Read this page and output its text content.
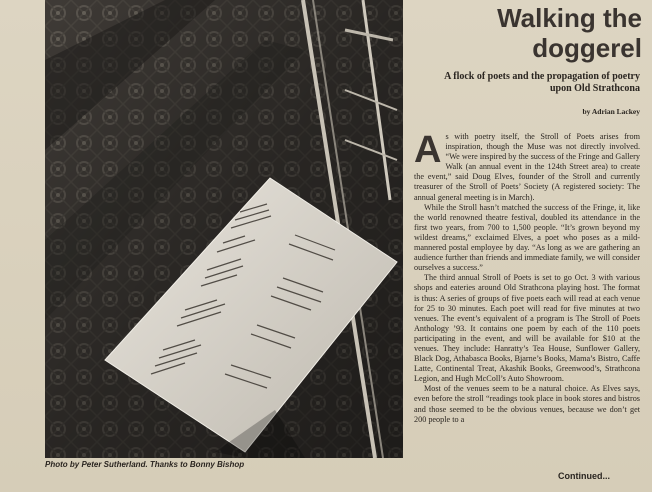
Photo by Peter Sutherland. Thanks to Bonny Bishop
Walking the
doggerel
A flock of poets and the propagation of poetry upon Old Strathcona
by Adrian Lackey

As with poetry itself, the Stroll of Poets arises from inspiration, though the Muse was not directly involved. “We were inspired by the success of the Fringe and Gallery Walk (an annual event in the 124th Street area) to create the event,” said Doug Elves, founder of the Stroll and currently treasurer of the Stroll of Poets’ Society (A registered society: The annual general meeting is in March).

While the Stroll hasn’t matched the success of the Fringe, it, like the world renowned theatre festival, doubled its attendance in the first two years, from 700 to 1,500 people. “It’s grown beyond my wildest dreams,” exclaimed Elves, a poet who poses as a mild-mannered postal employee by day. “As long as we are gathering an audience further than friends and immediate family, we will consider ourselves a success.”

The third annual Stroll of Poets is set to go Oct. 3 with various shops and eateries around Old Strathcona playing host. The format is thus: A series of groups of five poets each will read at each venue for 25 to 30 minutes. Each poet will read for five minutes at two venues. The event’s equivalent of a program is The Stroll of Poets Anthology ’93. It contains one poem by each of the 110 poets participating in the event, and will be available for $10 at the venues. They include: Hanratty’s Tea House, Sunflower Gallery, Black Dog, Athabasca Books, Bjarne’s Books, Mama’s Bistro, Caffe Latte, Continental Treat, Akashik Books, Greenwood’s, Strathcona Legion, and Hugh McColl’s Auto Showroom.

Most of the venues seem to be a natural choice. As Elves says, even before the stroll “readings took place in book stores and bistros and those seemed to be the obvious venues, because we don’t get 200 people to a

Continued...
